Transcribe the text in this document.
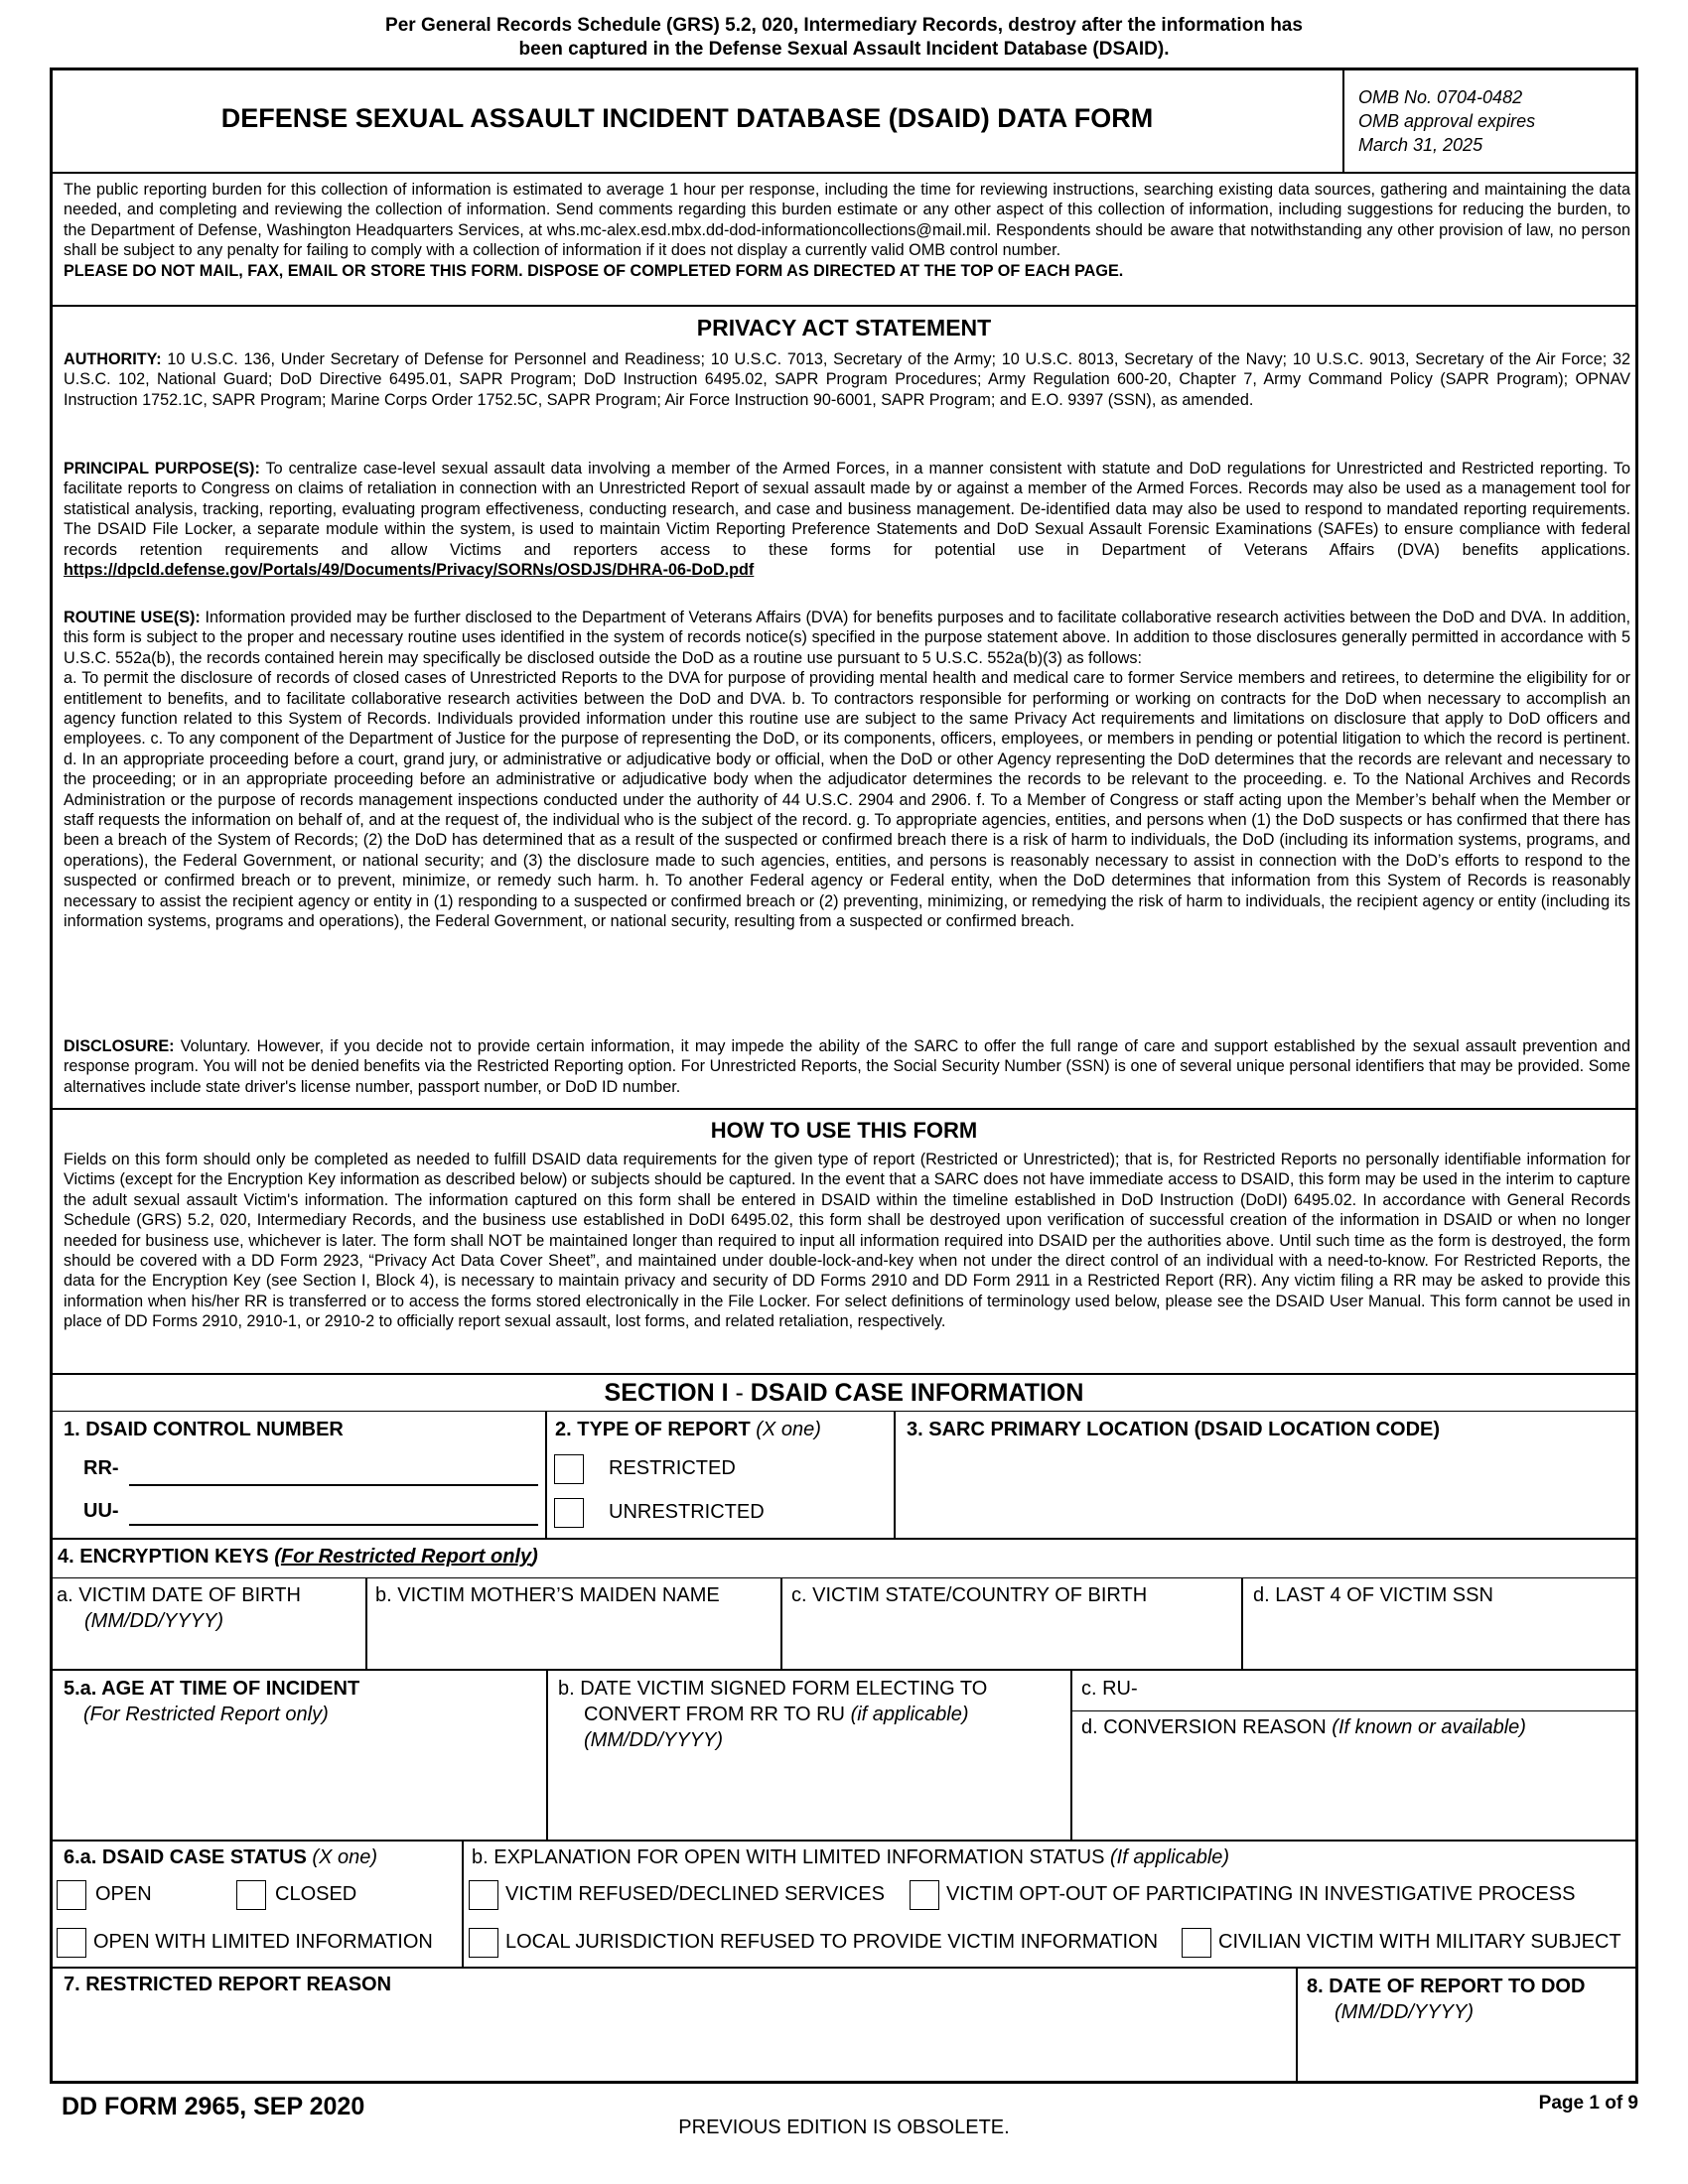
Per General Records Schedule (GRS) 5.2, 020, Intermediary Records, destroy after the information has
been captured in the Defense Sexual Assault Incident Database (DSAID).
DEFENSE SEXUAL ASSAULT INCIDENT DATABASE (DSAID) DATA FORM
OMB No. 0704-0482
OMB approval expires
March 31, 2025
The public reporting burden for this collection of information is estimated to average 1 hour per response, including the time for reviewing instructions, searching existing data sources, gathering and maintaining the data needed, and completing and reviewing the collection of information. Send comments regarding this burden estimate or any other aspect of this collection of information, including suggestions for reducing the burden, to the Department of Defense, Washington Headquarters Services, at whs.mc-alex.esd.mbx.dd-dod-informationcollections@mail.mil. Respondents should be aware that notwithstanding any other provision of law, no person shall be subject to any penalty for failing to comply with a collection of information if it does not display a currently valid OMB control number.
PLEASE DO NOT MAIL, FAX, EMAIL OR STORE THIS FORM. DISPOSE OF COMPLETED FORM AS DIRECTED AT THE TOP OF EACH PAGE.
PRIVACY ACT STATEMENT
AUTHORITY: 10 U.S.C. 136, Under Secretary of Defense for Personnel and Readiness; 10 U.S.C. 7013, Secretary of the Army; 10 U.S.C. 8013, Secretary of the Navy; 10 U.S.C. 9013, Secretary of the Air Force; 32 U.S.C. 102, National Guard; DoD Directive 6495.01, SAPR Program; DoD Instruction 6495.02, SAPR Program Procedures; Army Regulation 600-20, Chapter 7, Army Command Policy (SAPR Program); OPNAV Instruction 1752.1C, SAPR Program; Marine Corps Order 1752.5C, SAPR Program; Air Force Instruction 90-6001, SAPR Program; and E.O. 9397 (SSN), as amended.
PRINCIPAL PURPOSE(S): To centralize case-level sexual assault data involving a member of the Armed Forces, in a manner consistent with statute and DoD regulations for Unrestricted and Restricted reporting. To facilitate reports to Congress on claims of retaliation in connection with an Unrestricted Report of sexual assault made by or against a member of the Armed Forces. Records may also be used as a management tool for statistical analysis, tracking, reporting, evaluating program effectiveness, conducting research, and case and business management. De-identified data may also be used to respond to mandated reporting requirements. The DSAID File Locker, a separate module within the system, is used to maintain Victim Reporting Preference Statements and DoD Sexual Assault Forensic Examinations (SAFEs) to ensure compliance with federal records retention requirements and allow Victims and reporters access to these forms for potential use in Department of Veterans Affairs (DVA) benefits applications. https://dpcld.defense.gov/Portals/49/Documents/Privacy/SORNs/OSDJS/DHRA-06-DoD.pdf
ROUTINE USE(S): Information provided may be further disclosed to the Department of Veterans Affairs (DVA) for benefits purposes and to facilitate collaborative research activities between the DoD and DVA. In addition, this form is subject to the proper and necessary routine uses identified in the system of records notice(s) specified in the purpose statement above. In addition to those disclosures generally permitted in accordance with 5 U.S.C. 552a(b), the records contained herein may specifically be disclosed outside the DoD as a routine use pursuant to 5 U.S.C. 552a(b)(3) as follows:
a. To permit the disclosure of records of closed cases of Unrestricted Reports to the DVA for purpose of providing mental health and medical care to former Service members and retirees, to determine the eligibility for or entitlement to benefits, and to facilitate collaborative research activities between the DoD and DVA. b. To contractors responsible for performing or working on contracts for the DoD when necessary to accomplish an agency function related to this System of Records. Individuals provided information under this routine use are subject to the same Privacy Act requirements and limitations on disclosure that apply to DoD officers and employees. c. To any component of the Department of Justice for the purpose of representing the DoD, or its components, officers, employees, or members in pending or potential litigation to which the record is pertinent. d. In an appropriate proceeding before a court, grand jury, or administrative or adjudicative body or official, when the DoD or other Agency representing the DoD determines that the records are relevant and necessary to the proceeding; or in an appropriate proceeding before an administrative or adjudicative body when the adjudicator determines the records to be relevant to the proceeding. e. To the National Archives and Records Administration or the purpose of records management inspections conducted under the authority of 44 U.S.C. 2904 and 2906. f. To a Member of Congress or staff acting upon the Member’s behalf when the Member or staff requests the information on behalf of, and at the request of, the individual who is the subject of the record. g. To appropriate agencies, entities, and persons when (1) the DoD suspects or has confirmed that there has been a breach of the System of Records; (2) the DoD has determined that as a result of the suspected or confirmed breach there is a risk of harm to individuals, the DoD (including its information systems, programs, and operations), the Federal Government, or national security; and (3) the disclosure made to such agencies, entities, and persons is reasonably necessary to assist in connection with the DoD’s efforts to respond to the suspected or confirmed breach or to prevent, minimize, or remedy such harm. h. To another Federal agency or Federal entity, when the DoD determines that information from this System of Records is reasonably necessary to assist the recipient agency or entity in (1) responding to a suspected or confirmed breach or (2) preventing, minimizing, or remedying the risk of harm to individuals, the recipient agency or entity (including its information systems, programs and operations), the Federal Government, or national security, resulting from a suspected or confirmed breach.
DISCLOSURE: Voluntary. However, if you decide not to provide certain information, it may impede the ability of the SARC to offer the full range of care and support established by the sexual assault prevention and response program. You will not be denied benefits via the Restricted Reporting option. For Unrestricted Reports, the Social Security Number (SSN) is one of several unique personal identifiers that may be provided. Some alternatives include state driver's license number, passport number, or DoD ID number.
HOW TO USE THIS FORM
Fields on this form should only be completed as needed to fulfill DSAID data requirements for the given type of report (Restricted or Unrestricted); that is, for Restricted Reports no personally identifiable information for Victims (except for the Encryption Key information as described below) or subjects should be captured. In the event that a SARC does not have immediate access to DSAID, this form may be used in the interim to capture the adult sexual assault Victim's information. The information captured on this form shall be entered in DSAID within the timeline established in DoD Instruction (DoDI) 6495.02. In accordance with General Records Schedule (GRS) 5.2, 020, Intermediary Records, and the business use established in DoDI 6495.02, this form shall be destroyed upon verification of successful creation of the information in DSAID or when no longer needed for business use, whichever is later. The form shall NOT be maintained longer than required to input all information required into DSAID per the authorities above. Until such time as the form is destroyed, the form should be covered with a DD Form 2923, “Privacy Act Data Cover Sheet”, and maintained under double-lock-and-key when not under the direct control of an individual with a need-to-know. For Restricted Reports, the data for the Encryption Key (see Section I, Block 4), is necessary to maintain privacy and security of DD Forms 2910 and DD Form 2911 in a Restricted Report (RR). Any victim filing a RR may be asked to provide this information when his/her RR is transferred or to access the forms stored electronically in the File Locker. For select definitions of terminology used below, please see the DSAID User Manual. This form cannot be used in place of DD Forms 2910, 2910-1, or 2910-2 to officially report sexual assault, lost forms, and related retaliation, respectively.
SECTION I - DSAID CASE INFORMATION
1. DSAID CONTROL NUMBER
RR-
UU-
2. TYPE OF REPORT (X one)
RESTRICTED
UNRESTRICTED
3. SARC PRIMARY LOCATION (DSAID LOCATION CODE)
4. ENCRYPTION KEYS (For Restricted Report only)
a. VICTIM DATE OF BIRTH
(MM/DD/YYYY)
b. VICTIM MOTHER’S MAIDEN NAME	c. VICTIM STATE/COUNTRY OF BIRTH	d. LAST 4 OF VICTIM SSN
5.a. AGE AT TIME OF INCIDENT
(For Restricted Report only)
b. DATE VICTIM SIGNED FORM ELECTING TO
CONVERT FROM RR TO RU (if applicable)
(MM/DD/YYYY)
c. RU-
d. CONVERSION REASON (If known or available)
6.a. DSAID CASE STATUS (X one)
OPEN	CLOSED
OPEN WITH LIMITED INFORMATION
b. EXPLANATION FOR OPEN WITH LIMITED INFORMATION STATUS (If applicable)
VICTIM REFUSED/DECLINED SERVICES	VICTIM OPT-OUT OF PARTICIPATING IN INVESTIGATIVE PROCESS
LOCAL JURISDICTION REFUSED TO PROVIDE VICTIM INFORMATION	CIVILIAN VICTIM WITH MILITARY SUBJECT
7. RESTRICTED REPORT REASON	8. DATE OF REPORT TO DOD
(MM/DD/YYYY)
DD FORM 2965, SEP 2020	Page 1 of 9
PREVIOUS EDITION IS OBSOLETE.
